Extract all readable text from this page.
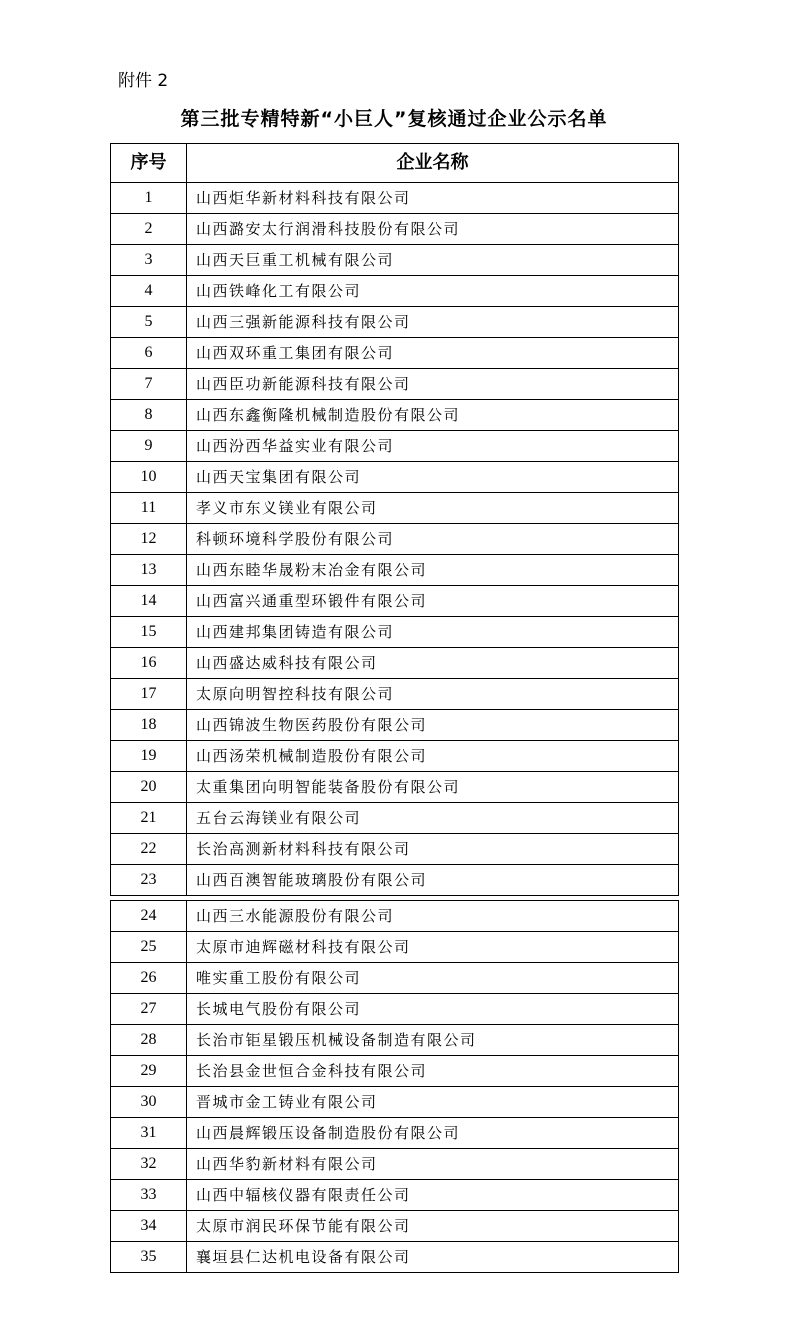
附件 2
第三批专精特新“小巨人”复核通过企业公示名单
序号	企业名称
1	山西炬华新材料科技有限公司
2	山西潞安太行润滑科技股份有限公司
3	山西天巨重工机械有限公司
4	山西铁峰化工有限公司
5	山西三强新能源科技有限公司
6	山西双环重工集团有限公司
7	山西臣功新能源科技有限公司
8	山西东鑫衡隆机械制造股份有限公司
9	山西汾西华益实业有限公司
10	山西天宝集团有限公司
11	孝义市东义镁业有限公司
12	科顿环境科学股份有限公司
13	山西东睦华晟粉末冶金有限公司
14	山西富兴通重型环锻件有限公司
15	山西建邦集团铸造有限公司
16	山西盛达威科技有限公司
17	太原向明智控科技有限公司
18	山西锦波生物医药股份有限公司
19	山西汤荣机械制造股份有限公司
20	太重集团向明智能装备股份有限公司
21	五台云海镁业有限公司
22	长治高测新材料科技有限公司
23	山西百澳智能玻璃股份有限公司
24	山西三水能源股份有限公司
25	太原市迪辉磁材科技有限公司
26	唯实重工股份有限公司
27	长城电气股份有限公司
28	长治市钜星锻压机械设备制造有限公司
29	长治县金世恒合金科技有限公司
30	晋城市金工铸业有限公司
31	山西晨辉锻压设备制造股份有限公司
32	山西华豹新材料有限公司
33	山西中辐核仪器有限责任公司
34	太原市润民环保节能有限公司
35	襄垣县仁达机电设备有限公司
